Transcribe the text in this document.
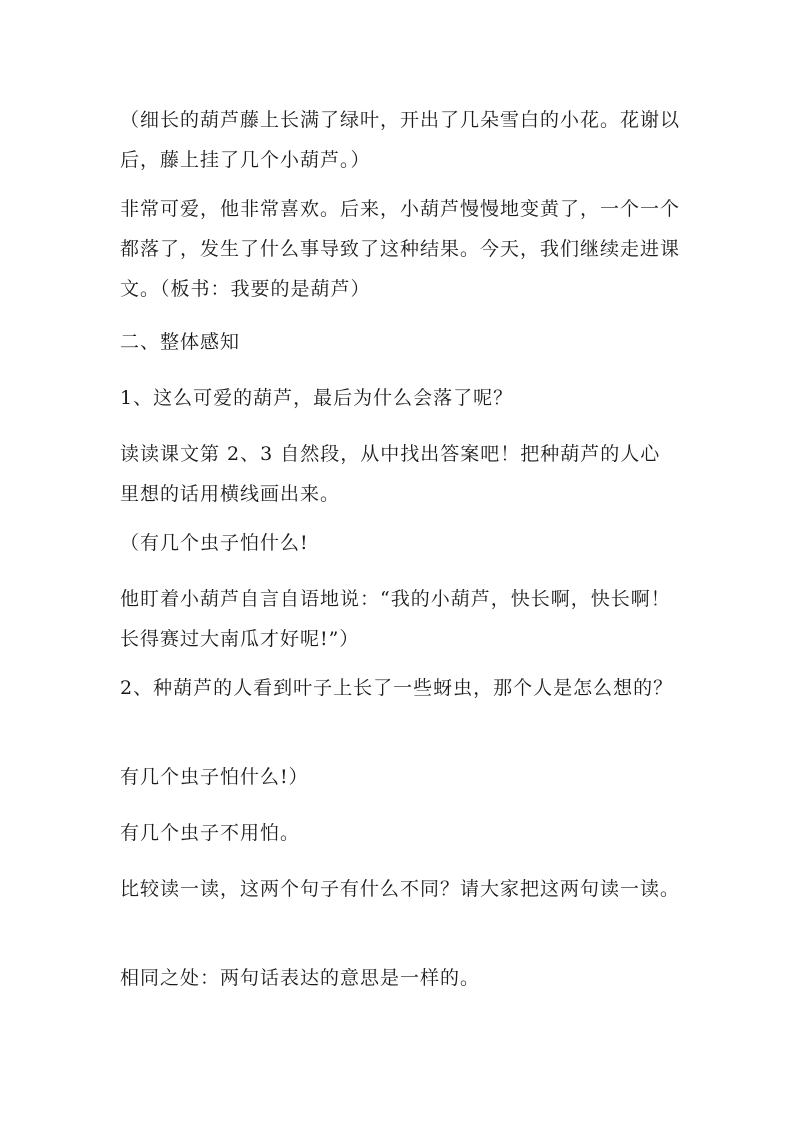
（细长的葫芦藤上长满了绿叶，开出了几朵雪白的小花。花谢以后，藤上挂了几个小葫芦。）

非常可爱，他非常喜欢。后来，小葫芦慢慢地变黄了，一个一个都落了，发生了什么事导致了这种结果。今天，我们继续走进课文。（板书：我要的是葫芦）

二、整体感知

1、这么可爱的葫芦，最后为什么会落了呢？

读读课文第 2、3 自然段，从中找出答案吧！把种葫芦的人心里想的话用横线画出来。

（有几个虫子怕什么!

他盯着小葫芦自言自语地说：“我的小葫芦，快长啊，快长啊！长得赛过大南瓜才好呢!”）

2、种葫芦的人看到叶子上长了一些蚜虫，那个人是怎么想的？

有几个虫子怕什么!）

有几个虫子不用怕。

比较读一读，这两个句子有什么不同？请大家把这两句读一读。

相同之处：两句话表达的意思是一样的。
